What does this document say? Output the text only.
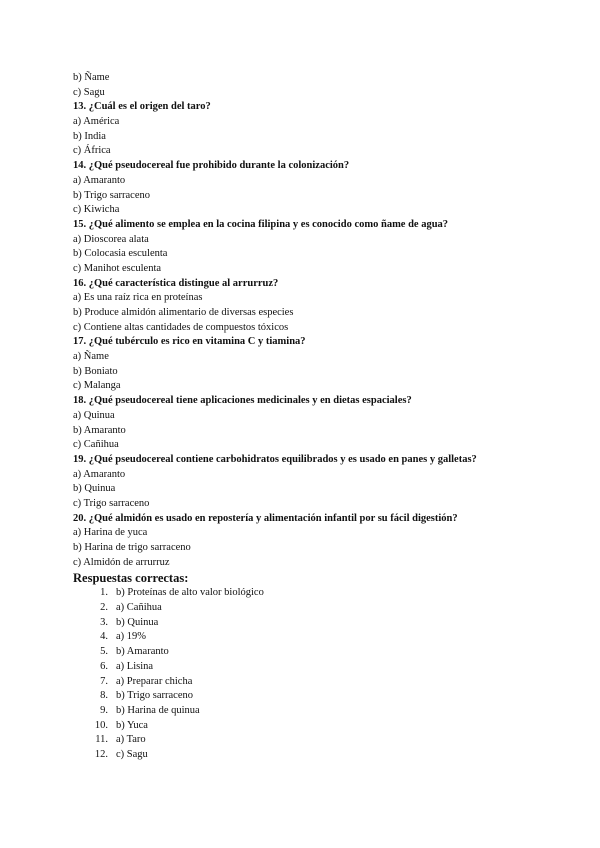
b) Ñame
c) Sagu
13. ¿Cuál es el origen del taro?
a) América
b) India
c) África
14. ¿Qué pseudocereal fue prohibido durante la colonización?
a) Amaranto
b) Trigo sarraceno
c) Kiwicha
15. ¿Qué alimento se emplea en la cocina filipina y es conocido como ñame de agua?
a) Dioscorea alata
b) Colocasia esculenta
c) Manihot esculenta
16. ¿Qué característica distingue al arrurruz?
a) Es una raíz rica en proteínas
b) Produce almidón alimentario de diversas especies
c) Contiene altas cantidades de compuestos tóxicos
17. ¿Qué tubérculo es rico en vitamina C y tiamina?
a) Ñame
b) Boniato
c) Malanga
18. ¿Qué pseudocereal tiene aplicaciones medicinales y en dietas espaciales?
a) Quinua
b) Amaranto
c) Cañihua
19. ¿Qué pseudocereal contiene carbohidratos equilibrados y es usado en panes y galletas?
a) Amaranto
b) Quinua
c) Trigo sarraceno
20. ¿Qué almidón es usado en repostería y alimentación infantil por su fácil digestión?
a) Harina de yuca
b) Harina de trigo sarraceno
c) Almidón de arrurruz
Respuestas correctas:
1. b) Proteínas de alto valor biológico
2. a) Cañihua
3. b) Quinua
4. a) 19%
5. b) Amaranto
6. a) Lisina
7. a) Preparar chicha
8. b) Trigo sarraceno
9. b) Harina de quinua
10. b) Yuca
11. a) Taro
12. c) Sagu
